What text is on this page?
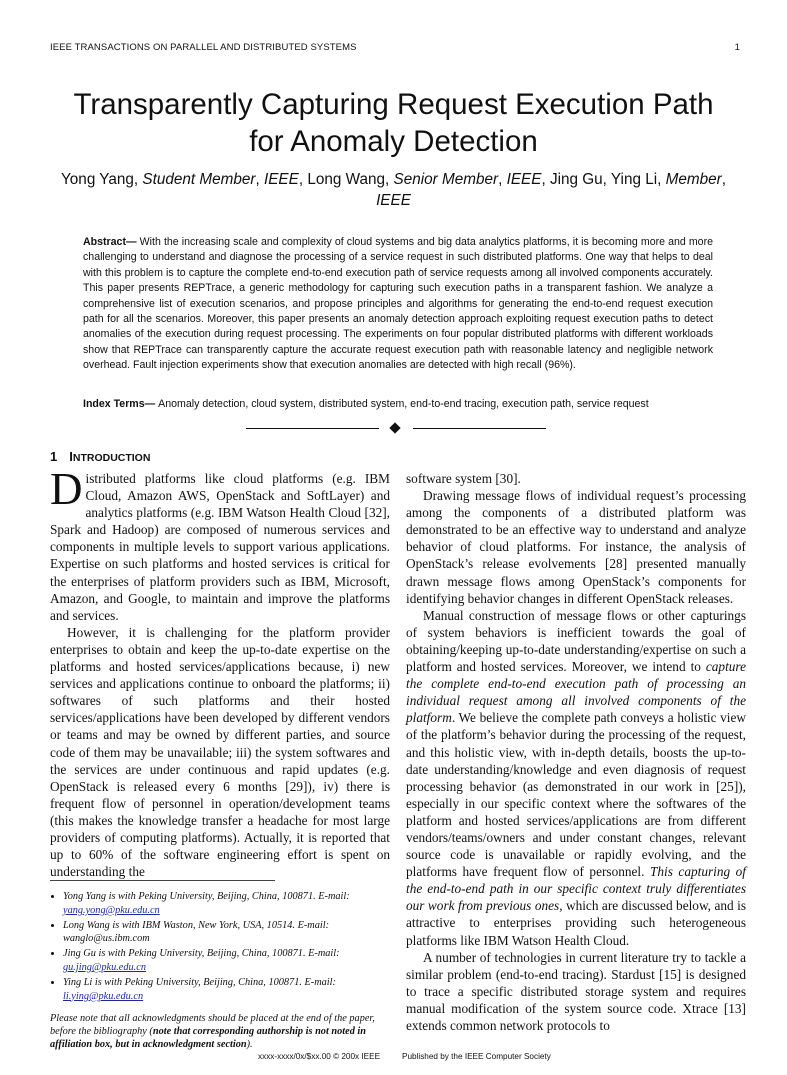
IEEE TRANSACTIONS ON PARALLEL AND DISTRIBUTED SYSTEMS	1
Transparently Capturing Request Execution Path
for Anomaly Detection
Yong Yang, Student Member, IEEE, Long Wang, Senior Member, IEEE, Jing Gu, Ying Li, Member,
IEEE
Abstract— With the increasing scale and complexity of cloud systems and big data analytics platforms, it is becoming more and more challenging to understand and diagnose the processing of a service request in such distributed platforms. One way that helps to deal with this problem is to capture the complete end-to-end execution path of service requests among all involved components accurately. This paper presents REPTrace, a generic methodology for capturing such execution paths in a transparent fashion. We analyze a comprehensive list of execution scenarios, and propose principles and algorithms for generating the end-to-end request execution path for all the scenarios. Moreover, this paper presents an anomaly detection approach exploiting request execution paths to detect anomalies of the execution during request processing. The experiments on four popular distributed platforms with different workloads show that REPTrace can transparently capture the accurate request execution path with reasonable latency and negligible network overhead. Fault injection experiments show that execution anomalies are detected with high recall (96%).
Index Terms— Anomaly detection, cloud system, distributed system, end-to-end tracing, execution path, service request
1 INTRODUCTION

Distributed platforms like cloud platforms (e.g. IBM Cloud, Amazon AWS, OpenStack and SoftLayer) and analytics platforms (e.g. IBM Watson Health Cloud [32], Spark and Hadoop) are composed of numerous services and components in multiple levels to support various applications. Expertise on such platforms and hosted services is critical for the enterprises of platform providers such as IBM, Microsoft, Amazon, and Google, to maintain and improve the platforms and services.

However, it is challenging for the platform provider enterprises to obtain and keep the up-to-date expertise on the platforms and hosted services/applications because, i) new services and applications continue to onboard the platforms; ii) softwares of such platforms and their hosted services/applications have been developed by different vendors or teams and may be owned by different parties, and source code of them may be unavailable; iii) the system softwares and the services are under continuous and rapid updates (e.g. OpenStack is released every 6 months [29]), iv) there is frequent flow of personnel in operation/development teams (this makes the knowledge transfer a headache for most large providers of computing platforms). Actually, it is reported that up to 60% of the software engineering effort is spent on understanding the

software system [30].

Drawing message flows of individual request’s processing among the components of a distributed platform was demonstrated to be an effective way to understand and analyze behavior of cloud platforms. For instance, the analysis of OpenStack’s release evolvements [28] presented manually drawn message flows among OpenStack’s components for identifying behavior changes in different OpenStack releases.

Manual construction of message flows or other capturings of system behaviors is inefficient towards the goal of obtaining/keeping up-to-date understanding/expertise on such a platform and hosted services. Moreover, we intend to capture the complete end-to-end execution path of processing an individual request among all involved components of the platform. We believe the complete path conveys a holistic view of the platform’s behavior during the processing of the request, and this holistic view, with in-depth details, boosts the up-to-date understanding/knowledge and even diagnosis of request processing behavior (as demonstrated in our work in [25]), especially in our specific context where the softwares of the platform and hosted services/applications are from different vendors/teams/owners and under constant changes, relevant source code is unavailable or rapidly evolving, and the platforms have frequent flow of personnel. This capturing of the end-to-end path in our specific context truly differentiates our work from previous ones, which are discussed below, and is attractive to enterprises providing such heterogeneous platforms like IBM Watson Health Cloud.

A number of technologies in current literature try to tackle a similar problem (end-to-end tracing). Stardust [15] is designed to trace a specific distributed storage system and requires manual modification of the system source code. Xtrace [13] extends common network protocols to

• Yong Yang is with Peking University, Beijing, China, 100871. E-mail:
yang.yong@pku.edu.cn
• Long Wang is with IBM Waston, New York, USA, 10514. E-mail: wanglo@us.ibm.com
• Jing Gu is with Peking University, Beijing, China, 100871. E-mail:
gu.jing@pku.edu.cn
• Ying Li is with Peking University, Beijing, China, 100871. E-mail:
li.ying@pku.edu.cn
Please note that all acknowledgments should be placed at the end of the paper, before the bibliography (note that corresponding authorship is not noted in affiliation box, but in acknowledgment section).
xxxx-xxxx/0x/$xx.00 © 200x IEEE	Published by the IEEE Computer Society
